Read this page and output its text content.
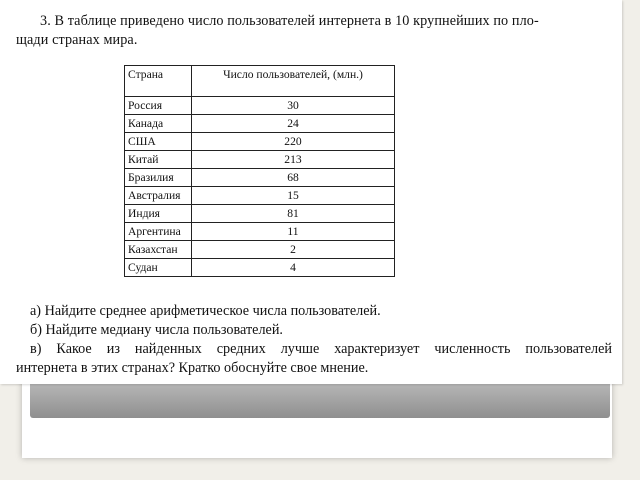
3. В таблице приведено число пользователей интернета в 10 крупнейших по пло-
щади странах мира.
Страна	Число пользователей, (млн.)
Россия	30
Канада	24
США	220
Китай	213
Бразилия	68
Австралия	15
Индия	81
Аргентина	11
Казахстан	2
Судан	4
а) Найдите среднее арифметическое числа пользователей.
б) Найдите медиану числа пользователей.
в) Какое из найденных средних лучше характеризует численность пользователей
интернета в этих странах? Кратко обоснуйте свое мнение.
